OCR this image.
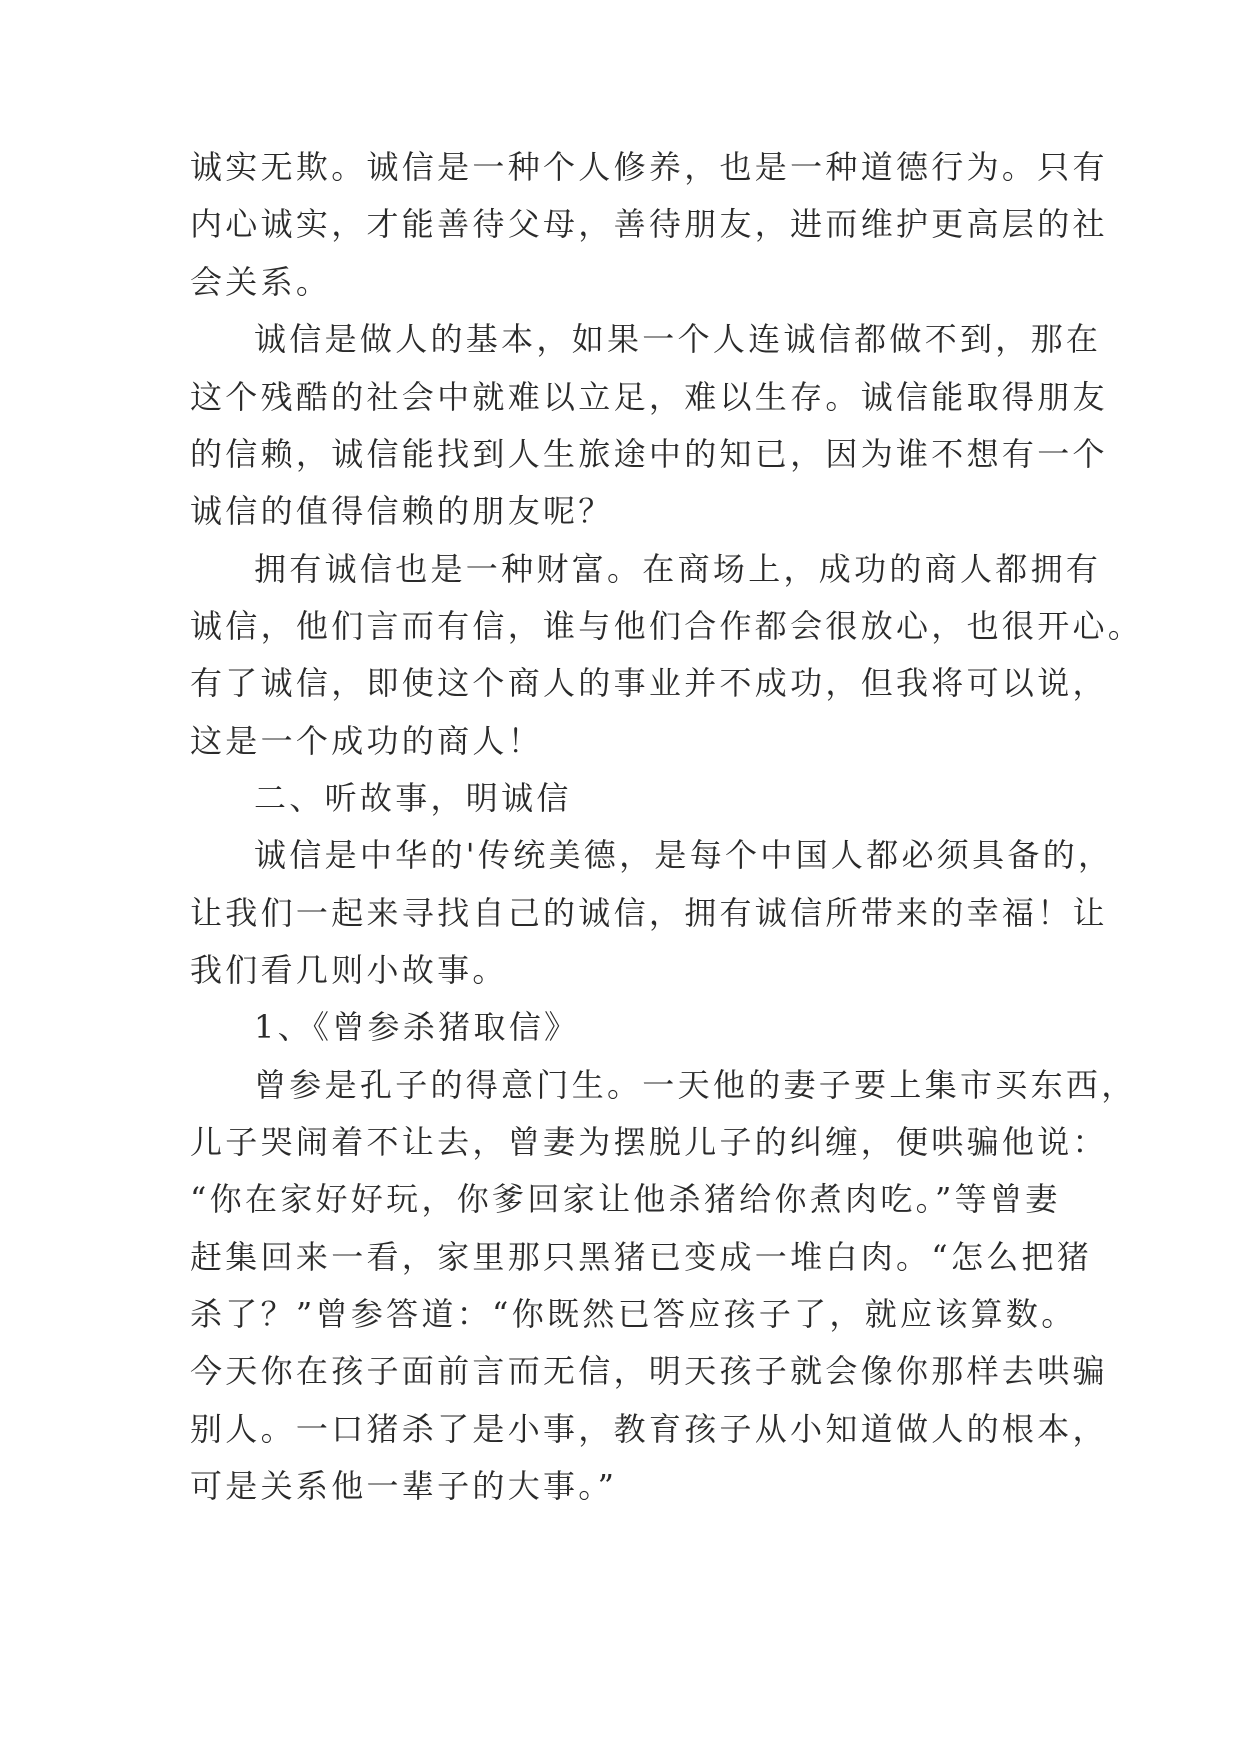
诚实无欺。诚信是一种个人修养，也是一种道德行为。只有
内心诚实，才能善待父母，善待朋友，进而维护更高层的社
会关系。
诚信是做人的基本，如果一个人连诚信都做不到，那在
这个残酷的社会中就难以立足，难以生存。诚信能取得朋友
的信赖，诚信能找到人生旅途中的知已，因为谁不想有一个
诚信的值得信赖的朋友呢？
拥有诚信也是一种财富。在商场上，成功的商人都拥有
诚信，他们言而有信，谁与他们合作都会很放心，也很开心。
有了诚信，即使这个商人的事业并不成功，但我将可以说，
这是一个成功的商人！
二、听故事，明诚信
诚信是中华的'传统美德，是每个中国人都必须具备的，
让我们一起来寻找自己的诚信，拥有诚信所带来的幸福！让
我们看几则小故事。
1、《曾参杀猪取信》
曾参是孔子的得意门生。一天他的妻子要上集市买东西，
儿子哭闹着不让去，曾妻为摆脱儿子的纠缠，便哄骗他说：
“你在家好好玩，你爹回家让他杀猪给你煮肉吃。”等曾妻
赶集回来一看，家里那只黑猪已变成一堆白肉。“怎么把猪
杀了？”曾参答道：“你既然已答应孩子了，就应该算数。
今天你在孩子面前言而无信，明天孩子就会像你那样去哄骗
别人。一口猪杀了是小事，教育孩子从小知道做人的根本，
可是关系他一辈子的大事。”
